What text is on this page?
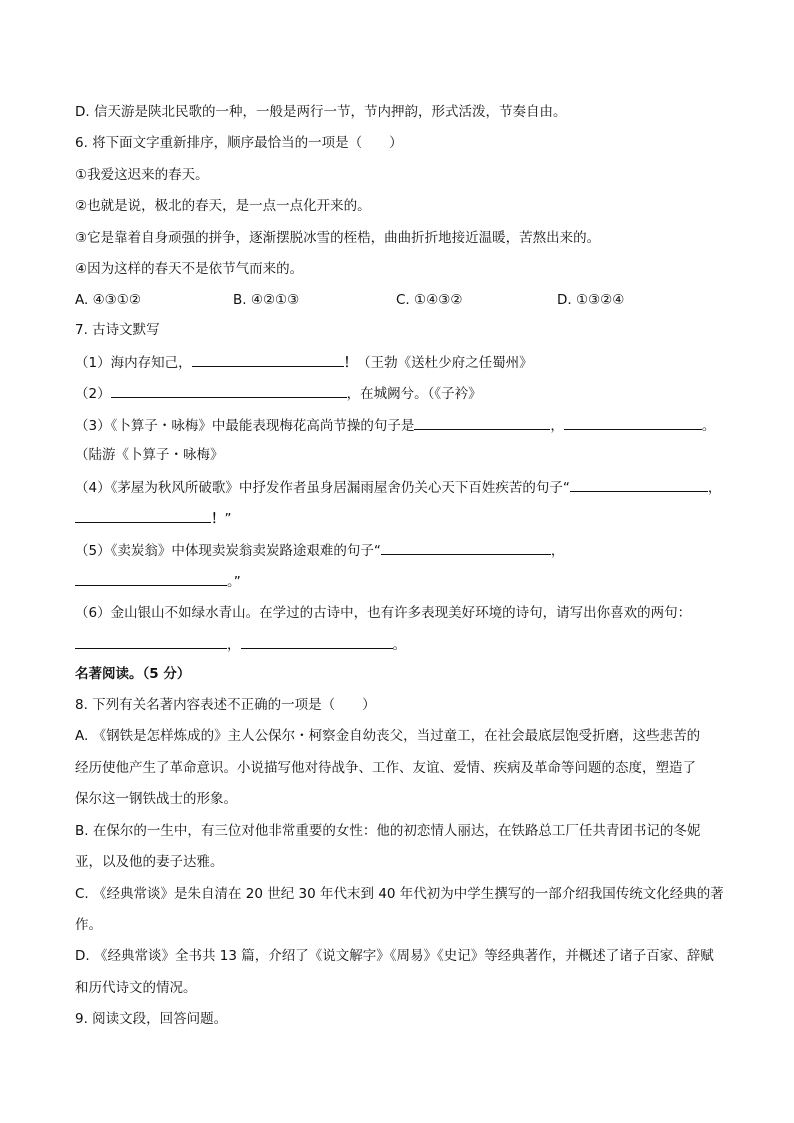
D. 信天游是陕北民歌的一种，一般是两行一节，节内押韵，形式活泼，节奏自由。
6. 将下面文字重新排序，顺序最恰当的一项是（　　）
①我爱这迟来的春天。
②也就是说，极北的春天，是一点一点化开来的。
③它是靠着自身顽强的拼争，逐渐摆脱冰雪的桎梏，曲曲折折地接近温暖，苦熬出来的。
④因为这样的春天不是依节气而来的。
A. ④③①②	B. ④②①③	C. ①④③②	D. ①③②④
7. 古诗文默写
（1）海内存知己，	！（王勃《送杜少府之任蜀州》
（2）	，在城阙兮。（《子衿》
（3）《卜算子・咏梅》中最能表现梅花高尚节操的句子是	，	。
（陆游《卜算子・咏梅》
（4）《茅屋为秋风所破歌》中抒发作者虽身居漏雨屋舍仍关心天下百姓疾苦的句子“	，
！”
（5）《卖炭翁》中体现卖炭翁卖炭路途艰难的句子“	，
。”
（6）金山银山不如绿水青山。在学过的古诗中，也有许多表现美好环境的诗句，请写出你喜欢的两句：
，	。
名著阅读。（5 分）
8. 下列有关名著内容表述不正确的一项是（　　）
A. 《钢铁是怎样炼成的》主人公保尔・柯察金自幼丧父，当过童工，在社会最底层饱受折磨，这些悲苦的
经历使他产生了革命意识。小说描写他对待战争、工作、友谊、爱情、疾病及革命等问题的态度，塑造了
保尔这一钢铁战士的形象。
B. 在保尔的一生中，有三位对他非常重要的女性：他的初恋情人丽达，在铁路总工厂任共青团书记的冬妮
亚，以及他的妻子达雅。
C. 《经典常谈》是朱自清在 20 世纪 30 年代末到 40 年代初为中学生撰写的一部介绍我国传统文化经典的著
作。
D. 《经典常谈》全书共 13 篇，介绍了《说文解字》《周易》《史记》等经典著作，并概述了诸子百家、辞赋
和历代诗文的情况。
9. 阅读文段，回答问题。
